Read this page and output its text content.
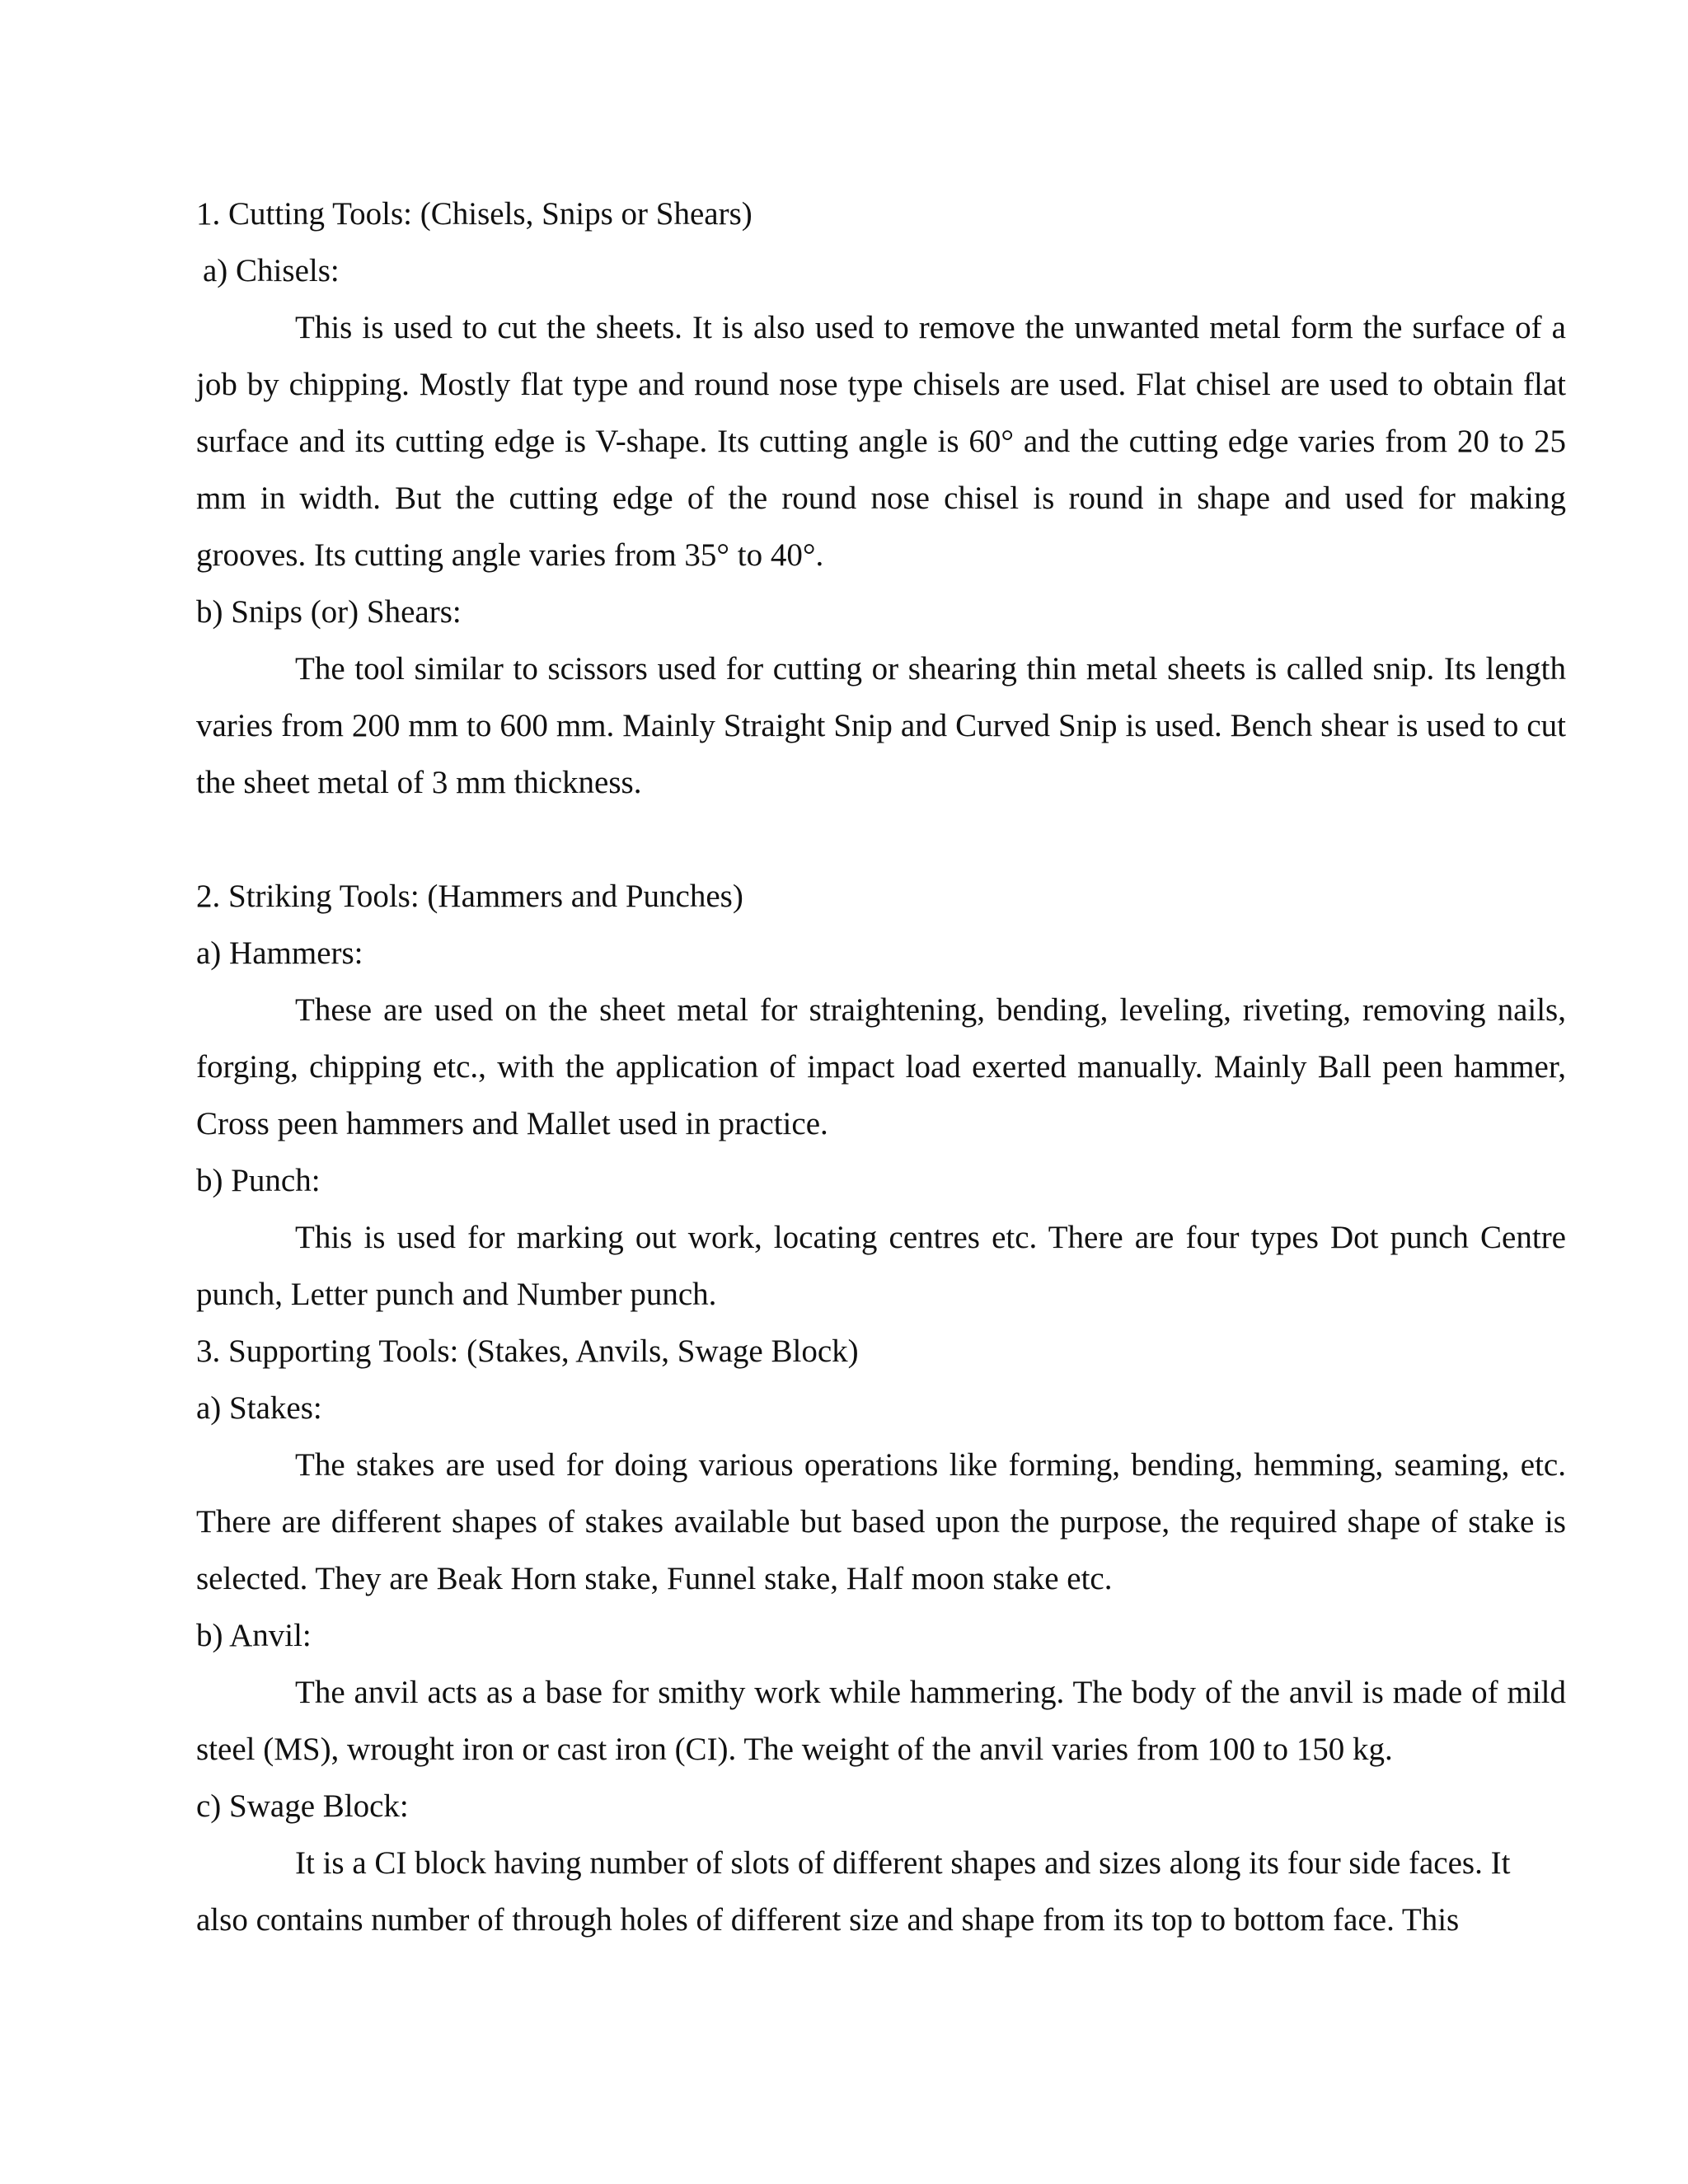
1. Cutting Tools: (Chisels, Snips or Shears)

a) Chisels:

This is used to cut the sheets. It is also used to remove the unwanted metal form the surface of a job by chipping. Mostly flat type and round nose type chisels are used. Flat chisel are used to obtain flat surface and its cutting edge is V-shape. Its cutting angle is 60° and the cutting edge varies from 20 to 25 mm in width. But the cutting edge of the round nose chisel is round in shape and used for making grooves. Its cutting angle varies from 35° to 40°.

b) Snips (or) Shears:

The tool similar to scissors used for cutting or shearing thin metal sheets is called snip. Its length varies from 200 mm to 600 mm. Mainly Straight Snip and Curved Snip is used. Bench shear is used to cut the sheet metal of 3 mm thickness.

2. Striking Tools: (Hammers and Punches)

a) Hammers:

These are used on the sheet metal for straightening, bending, leveling, riveting, removing nails, forging, chipping etc., with the application of impact load exerted manually. Mainly Ball peen hammer, Cross peen hammers and Mallet used in practice.

b) Punch:

This is used for marking out work, locating centres etc. There are four types Dot punch Centre punch, Letter punch and Number punch.

3. Supporting Tools: (Stakes, Anvils, Swage Block)

a) Stakes:

The stakes are used for doing various operations like forming, bending, hemming, seaming, etc. There are different shapes of stakes available but based upon the purpose, the required shape of stake is selected. They are Beak Horn stake, Funnel stake, Half moon stake etc.

b) Anvil:

The anvil acts as a base for smithy work while hammering. The body of the anvil is made of mild steel (MS), wrought iron or cast iron (CI). The weight of the anvil varies from 100 to 150 kg.

c) Swage Block:

It is a CI block having number of slots of different shapes and sizes along its four side faces. It also contains number of through holes of different size and shape from its top to bottom face. This
